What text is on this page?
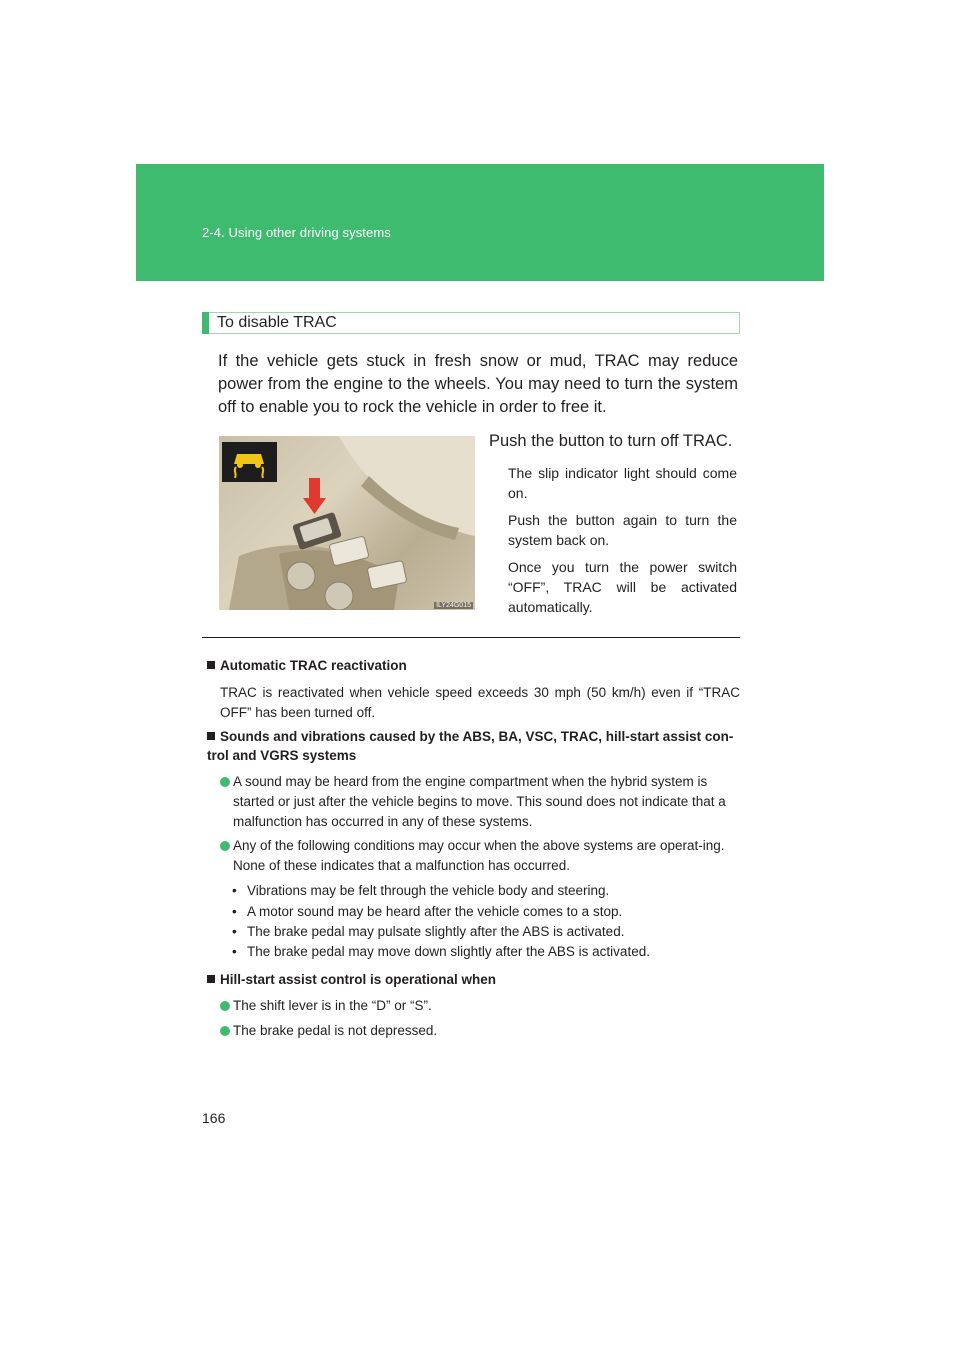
2-4. Using other driving systems
To disable TRAC

If the vehicle gets stuck in fresh snow or mud, TRAC may reduce power from the engine to the wheels. You may need to turn the system off to enable you to rock the vehicle in order to free it.

ILY24G015
Push the button to turn off TRAC.

The slip indicator light should come on.

Push the button again to turn the system back on.

Once you turn the power switch “OFF”, TRAC will be activated automatically.

Automatic TRAC reactivation

TRAC is reactivated when vehicle speed exceeds 30 mph (50 km/h) even if “TRAC OFF” has been turned off.

Sounds and vibrations caused by the ABS, BA, VSC, TRAC, hill-start assist con-trol and VGRS systems

A sound may be heard from the engine compartment when the hybrid system is started or just after the vehicle begins to move. This sound does not indicate that a malfunction has occurred in any of these systems.
Any of the following conditions may occur when the above systems are operat-ing. None of these indicates that a malfunction has occurred.

• Vibrations may be felt through the vehicle body and steering.

• A motor sound may be heard after the vehicle comes to a stop.

• The brake pedal may pulsate slightly after the ABS is activated.

• The brake pedal may move down slightly after the ABS is activated.

Hill-start assist control is operational when

The shift lever is in the “D” or “S”.
The brake pedal is not depressed.
166
